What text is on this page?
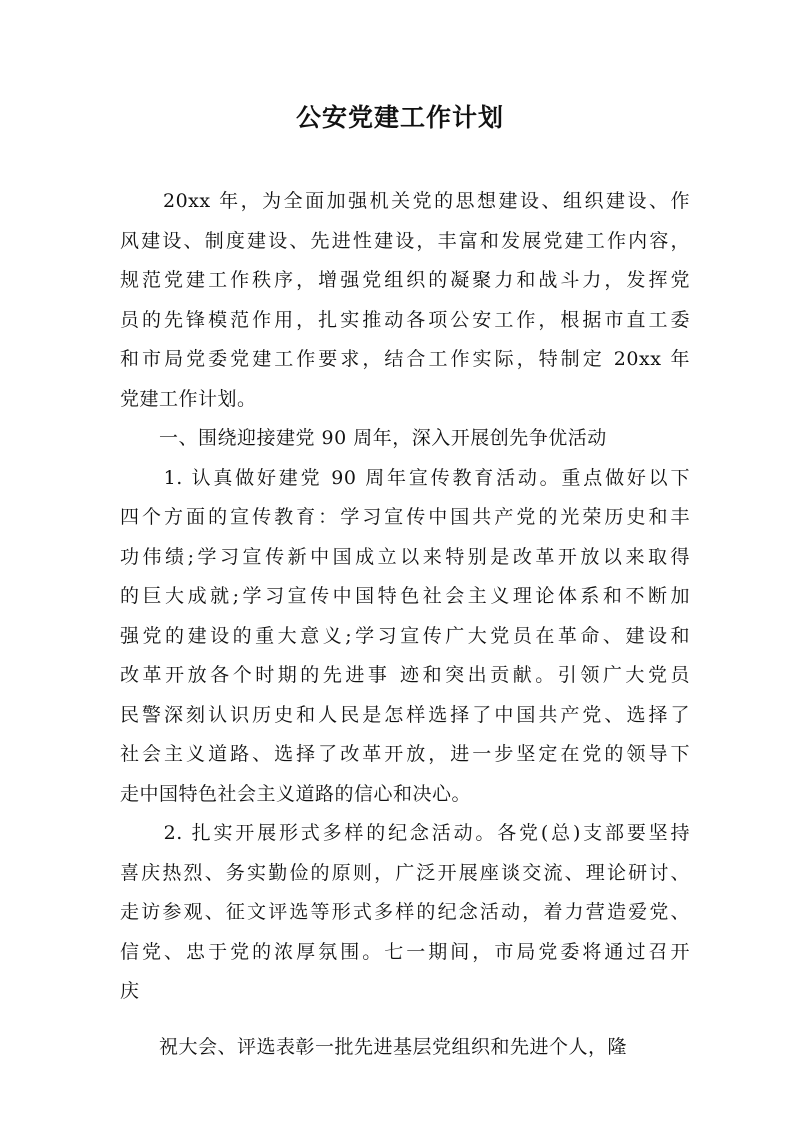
公安党建工作计划

　　20xx 年，为全面加强机关党的思想建设、组织建设、作
风建设、制度建设、先进性建设，丰富和发展党建工作内容，
规范党建工作秩序，增强党组织的凝聚力和战斗力，发挥党
员的先锋模范作用，扎实推动各项公安工作，根据市直工委
和市局党委党建工作要求，结合工作实际，特制定 20xx 年
党建工作计划。

　　一、围绕迎接建党 90 周年，深入开展创先争优活动

　　1. 认真做好建党 90 周年宣传教育活动。重点做好以下
四个方面的宣传教育：学习宣传中国共产党的光荣历史和丰
功伟绩;学习宣传新中国成立以来特别是改革开放以来取得
的巨大成就;学习宣传中国特色社会主义理论体系和不断加
强党的建设的重大意义;学习宣传广大党员在革命、建设和
改革开放各个时期的先进事 迹和突出贡献。引领广大党员
民警深刻认识历史和人民是怎样选择了中国共产党、选择了
社会主义道路、选择了改革开放，进一步坚定在党的领导下
走中国特色社会主义道路的信心和决心。

　　2. 扎实开展形式多样的纪念活动。各党(总)支部要坚持
喜庆热烈、务实勤俭的原则，广泛开展座谈交流、理论研讨、
走访参观、征文评选等形式多样的纪念活动，着力营造爱党、
信党、忠于党的浓厚氛围。七一期间，市局党委将通过召开
庆

　　祝大会、评选表彰一批先进基层党组织和先进个人，隆
